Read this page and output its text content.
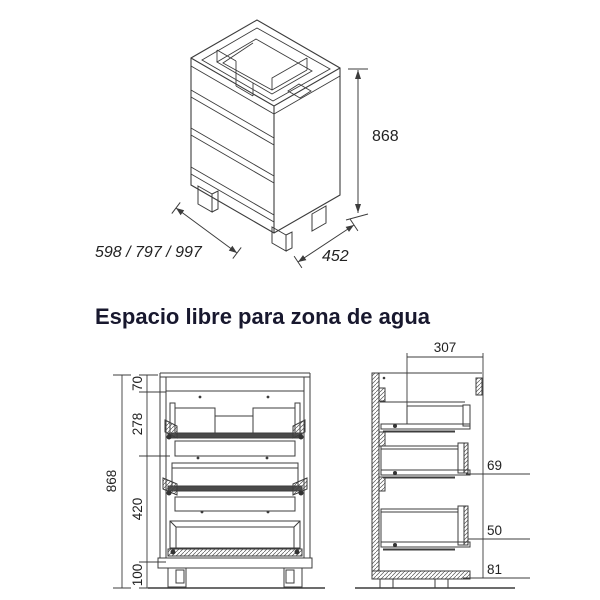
Espacio libre para zona de agua
868
598 / 797 / 997	452
70
278
420
100
868
307
69
50
81
